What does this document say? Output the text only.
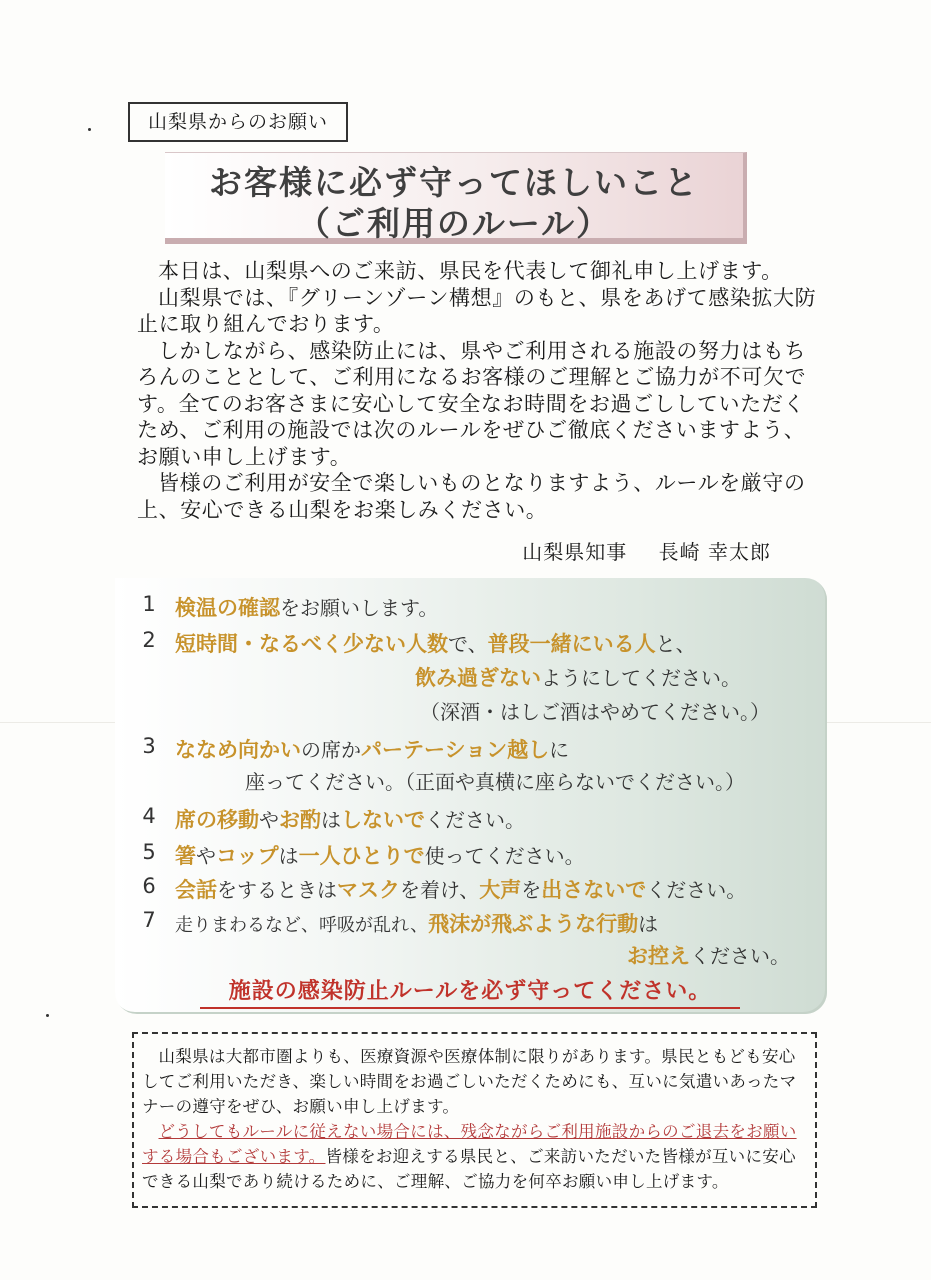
山梨県からのお願い
お客様に必ず守ってほしいこと
（ご利用のルール）

本日は、山梨県へのご来訪、県民を代表して御礼申し上げます。

山梨県では、『グリーンゾーン構想』のもと、県をあげて感染拡大防止に取り組んでおります。

しかしながら、感染防止には、県やご利用される施設の努力はもちろんのこととして、ご利用になるお客様のご理解とご協力が不可欠です。全てのお客さまに安心して安全なお時間をお過ごししていただくため、ご利用の施設では次のルールをぜひご徹底くださいますよう、お願い申し上げます。

皆様のご利用が安全で楽しいものとなりますよう、ルールを厳守の上、安心できる山梨をお楽しみください。

山梨県知事 長崎 幸太郎
1 検温の確認をお願いします。
2 短時間・なるべく少ない人数で、普段一緒にいる人と、
飲み過ぎないようにしてください。
（深酒・はしご酒はやめてください。）
3 ななめ向かいの席かパーテーション越しに
座ってください。（正面や真横に座らないでください。）
4 席の移動やお酌はしないでください。
5 箸やコップは一人ひとりで使ってください。
6 会話をするときはマスクを着け、大声を出さないでください。
7 走りまわるなど、呼吸が乱れ、飛沫が飛ぶような行動は
お控えください。
施設の感染防止ルールを必ず守ってください。

山梨県は大都市圏よりも、医療資源や医療体制に限りがあります。県民ともども安心してご利用いただき、楽しい時間をお過ごしいただくためにも、互いに気遣いあったマナーの遵守をぜひ、お願い申し上げます。

どうしてもルールに従えない場合には、残念ながらご利用施設からのご退去をお願いする場合もございます。皆様をお迎えする県民と、ご来訪いただいた皆様が互いに安心できる山梨であり続けるために、ご理解、ご協力を何卒お願い申し上げます。
